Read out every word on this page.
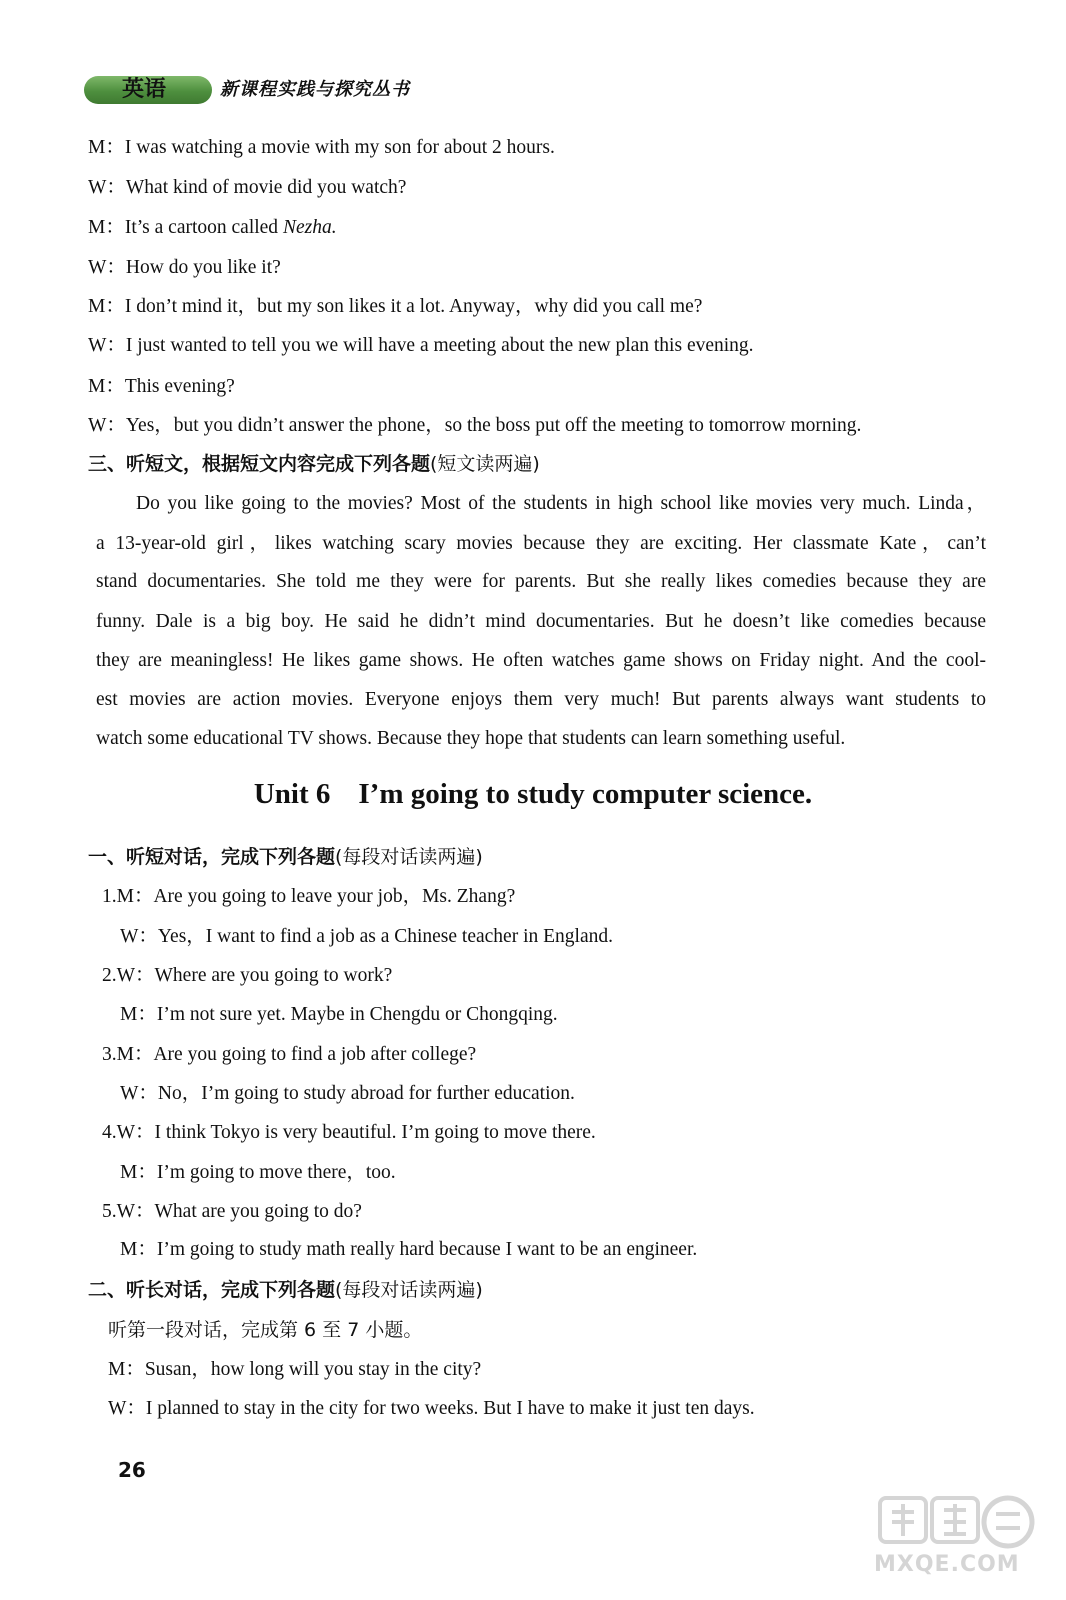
英语	新课程实践与探究丛书
M：I was watching a movie with my son for about 2 hours.
W：What kind of movie did you watch?
M：It’s a cartoon called Nezha.
W：How do you like it?
M：I don’t mind it，but my son likes it a lot. Anyway，why did you call me?
W：I just wanted to tell you we will have a meeting about the new plan this evening.
M：This evening?
W：Yes，but you didn’t answer the phone，so the boss put off the meeting to tomorrow morning.
三、听短文，根据短文内容完成下列各题(短文读两遍)
Do you like going to the movies? Most of the students in high school like movies very much. Linda，
a 13-year-old girl，likes watching scary movies because they are exciting. Her classmate Kate，can’t
stand documentaries. She told me they were for parents. But she really likes comedies because they are
funny. Dale is a big boy. He said he didn’t mind documentaries. But he doesn’t like comedies because
they are meaningless! He likes game shows. He often watches game shows on Friday night. And the cool-
est movies are action movies. Everyone enjoys them very much! But parents always want students to
watch some educational TV shows. Because they hope that students can learn something useful.
Unit 6 I’m going to study computer science.
一、听短对话，完成下列各题(每段对话读两遍)
1.M：Are you going to leave your job，Ms. Zhang?
W：Yes，I want to find a job as a Chinese teacher in England.
2.W：Where are you going to work?
M：I’m not sure yet. Maybe in Chengdu or Chongqing.
3.M：Are you going to find a job after college?
W：No，I’m going to study abroad for further education.
4.W：I think Tokyo is very beautiful. I’m going to move there.
M：I’m going to move there，too.
5.W：What are you going to do?
M：I’m going to study math really hard because I want to be an engineer.
二、听长对话，完成下列各题(每段对话读两遍)
听第一段对话，完成第 6 至 7 小题。
M：Susan，how long will you stay in the city?
W：I planned to stay in the city for two weeks. But I have to make it just ten days.
26
MXQE.COM
